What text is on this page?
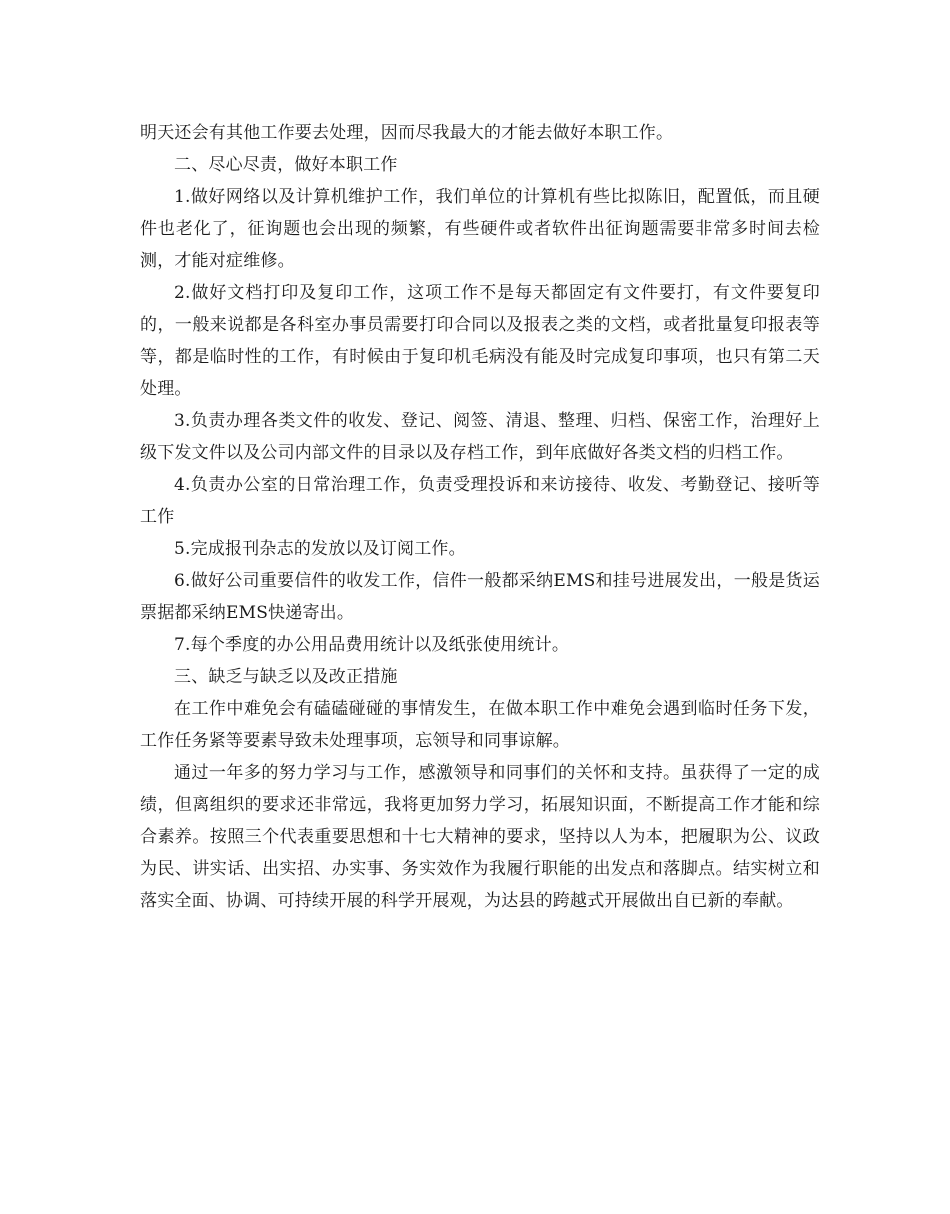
明天还会有其他工作要去处理，因而尽我最大的才能去做好本职工作。

二、尽心尽责，做好本职工作

1.做好网络以及计算机维护工作，我们单位的计算机有些比拟陈旧，配置低，而且硬件也老化了，征询题也会出现的频繁，有些硬件或者软件出征询题需要非常多时间去检测，才能对症维修。

2.做好文档打印及复印工作，这项工作不是每天都固定有文件要打，有文件要复印的，一般来说都是各科室办事员需要打印合同以及报表之类的文档，或者批量复印报表等等，都是临时性的工作，有时候由于复印机毛病没有能及时完成复印事项，也只有第二天处理。

3.负责办理各类文件的收发、登记、阅签、清退、整理、归档、保密工作，治理好上级下发文件以及公司内部文件的目录以及存档工作，到年底做好各类文档的归档工作。

4.负责办公室的日常治理工作，负责受理投诉和来访接待、收发、考勤登记、接听等工作

5.完成报刊杂志的发放以及订阅工作。

6.做好公司重要信件的收发工作，信件一般都采纳EMS和挂号进展发出，一般是货运票据都采纳EMS快递寄出。

7.每个季度的办公用品费用统计以及纸张使用统计。

三、缺乏与缺乏以及改正措施

在工作中难免会有磕磕碰碰的事情发生，在做本职工作中难免会遇到临时任务下发，工作任务紧等要素导致未处理事项，忘领导和同事谅解。

通过一年多的努力学习与工作，感激领导和同事们的关怀和支持。虽获得了一定的成绩，但离组织的要求还非常远，我将更加努力学习，拓展知识面，不断提高工作才能和综合素养。按照三个代表重要思想和十七大精神的要求，坚持以人为本，把履职为公、议政为民、讲实话、出实招、办实事、务实效作为我履行职能的出发点和落脚点。结实树立和落实全面、协调、可持续开展的科学开展观，为达县的跨越式开展做出自已新的奉献。
